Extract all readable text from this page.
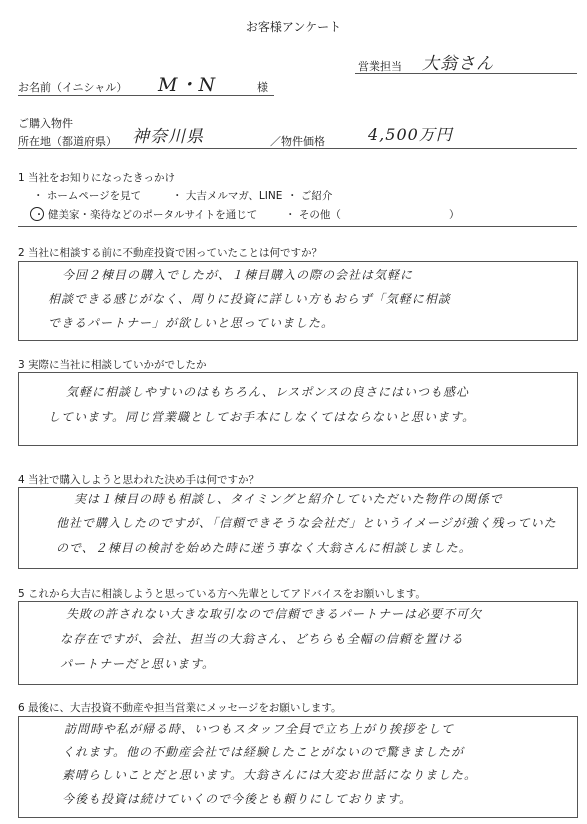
お客様アンケート
営業担当 大翁さん
お名前（イニシャル） M・N	様
ご購入物件
所在地（都道府県） 神奈川県	／物件価格	4,500万円
1 当社をお知りになったきっかけ
・ ホームページを見て	・ 大吉メルマガ、LINE ・ ご紹介
・ 健美家・楽待などのポータルサイトを通じて	・ その他（	）
2 当社に相談する前に不動産投資で困っていたことは何ですか？
今回２棟目の購入でしたが、１棟目購入の際の会社は気軽に
相談できる感じがなく、周りに投資に詳しい方もおらず「気軽に相談
できるパートナー」が欲しいと思っていました。
3 実際に当社に相談していかがでしたか
気軽に相談しやすいのはもちろん、レスポンスの良さにはいつも感心
しています。同じ営業職としてお手本にしなくてはならないと思います。
4 当社で購入しようと思われた決め手は何ですか？
実は１棟目の時も相談し、タイミングと紹介していただいた物件の関係で
他社で購入したのですが、「信頼できそうな会社だ」というイメージが強く残っていた
ので、２棟目の検討を始めた時に迷う事なく大翁さんに相談しました。
5 これから大吉に相談しようと思っている方へ先輩としてアドバイスをお願いします。
失敗の許されない大きな取引なので信頼できるパートナーは必要不可欠
な存在ですが、会社、担当の大翁さん、どちらも全幅の信頼を置ける
パートナーだと思います。
6 最後に、大吉投資不動産や担当営業にメッセージをお願いします。
訪問時や私が帰る時、いつもスタッフ全員で立ち上がり挨拶をして
くれます。他の不動産会社では経験したことがないので驚きましたが
素晴らしいことだと思います。大翁さんには大変お世話になりました。
今後も投資は続けていくので今後とも頼りにしております。
